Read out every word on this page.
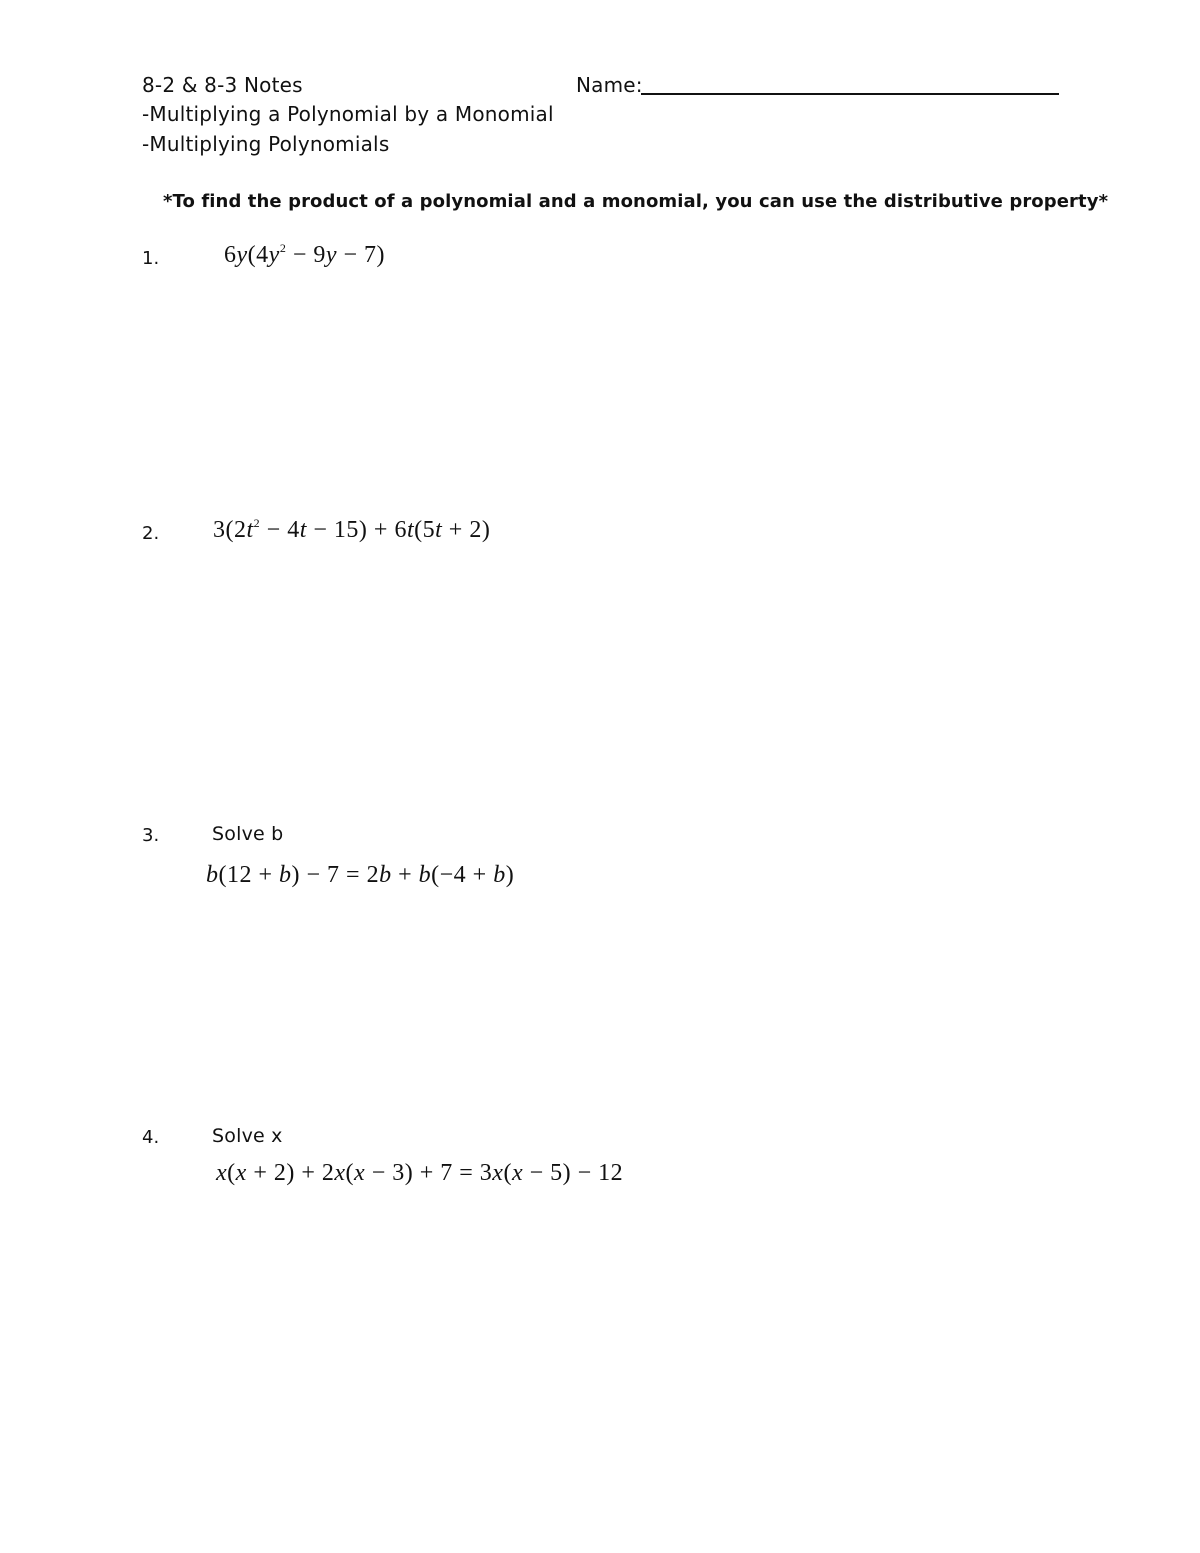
8-2 & 8-3 Notes	Name:
-Multiplying a Polynomial by a Monomial
-Multiplying Polynomials
*To find the product of a polynomial and a monomial, you can use the distributive property*
1.	$6y(4y^2 - 9y - 7)$
2. $3(2t^2 - 4t - 15) + 6t(5t + 2)$
3.	Solve b
b(12 + b) − 7 = 2b + b(−4 + b)
4.	Solve x
x(x + 2) + 2x(x − 3) + 7 = 3x(x − 5) − 12
